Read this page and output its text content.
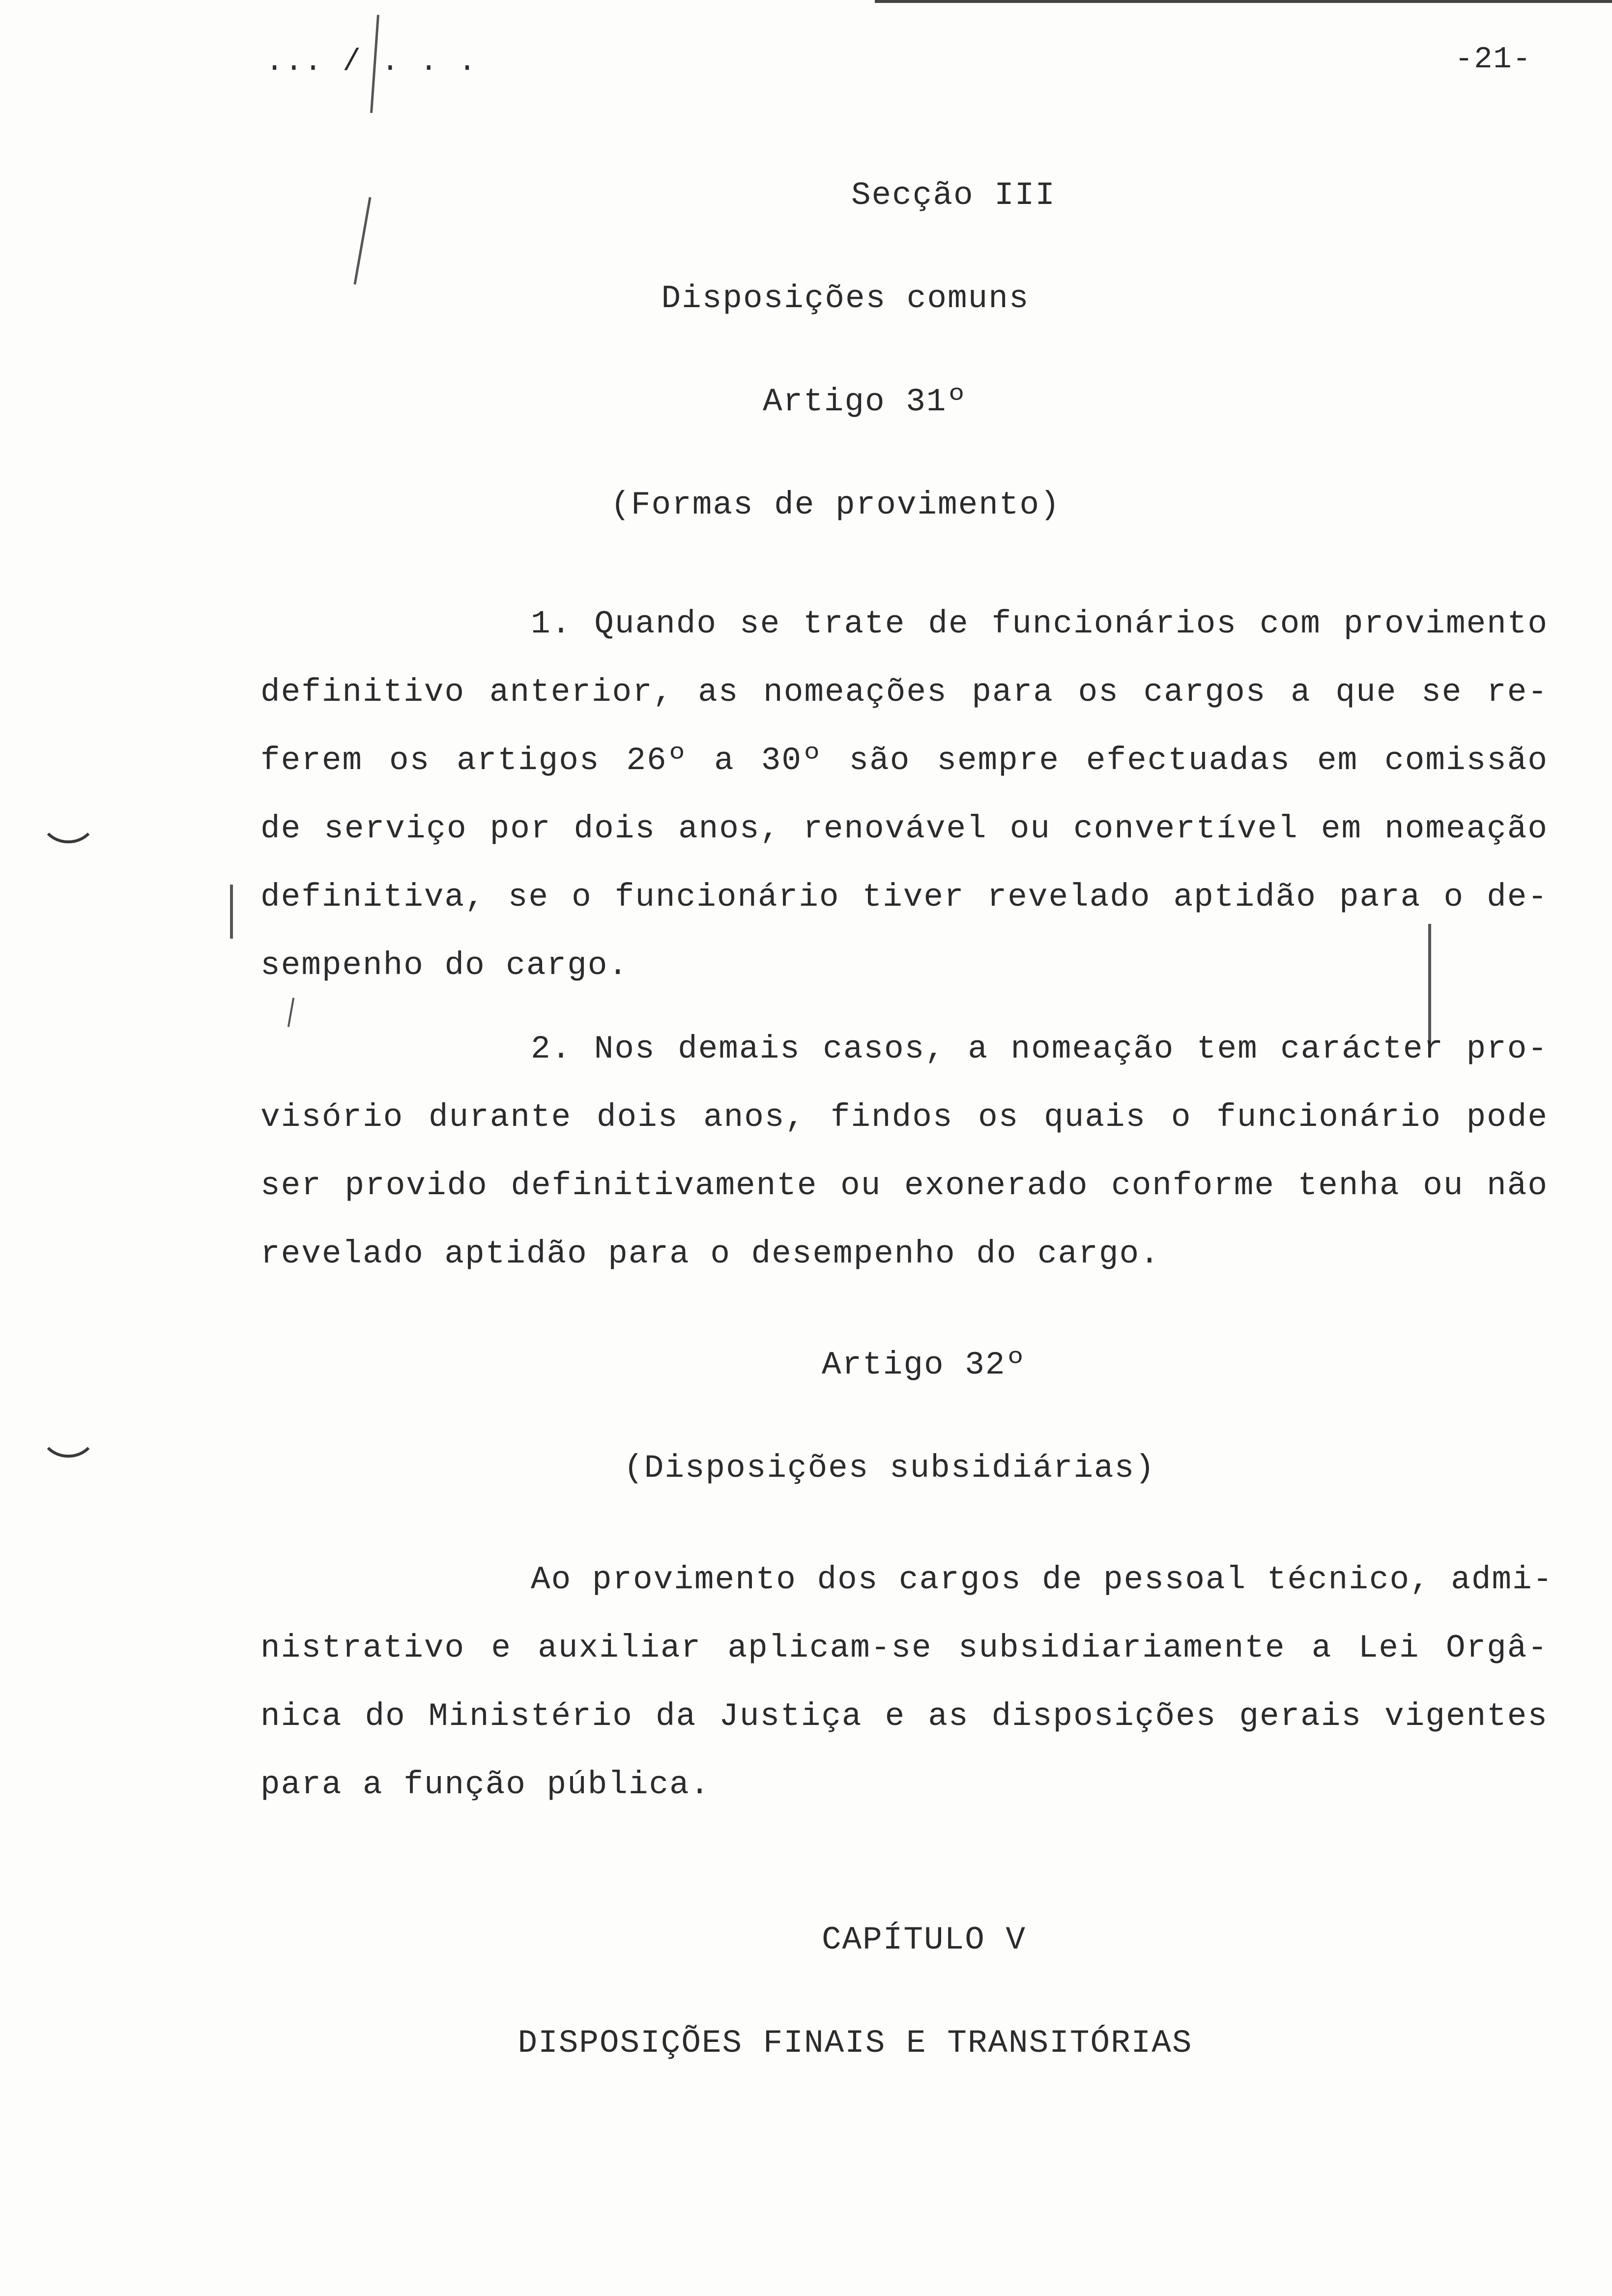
... / . . .	-21-
Secção III
Disposições comuns
Artigo 31º
(Formas de provimento)
1. Quando se trate de funcionários com provimento
definitivo anterior, as nomeações para os cargos a que se re-
ferem os artigos 26º a 30º são sempre efectuadas em comissão
de serviço por dois anos, renovável ou convertível em nomeação
definitiva, se o funcionário tiver revelado aptidão para o de-
sempenho do cargo.
2. Nos demais casos, a nomeação tem carácter pro-
visório durante dois anos, findos os quais o funcionário pode
ser provido definitivamente ou exonerado conforme tenha ou não
revelado aptidão para o desempenho do cargo.
Artigo 32º
(Disposições subsidiárias)
Ao provimento dos cargos de pessoal técnico, admi-
nistrativo e auxiliar aplicam-se subsidiariamente a Lei Orgâ-
nica do Ministério da Justiça e as disposições gerais vigentes
para a função pública.
CAPÍTULO V
DISPOSIÇÕES FINAIS E TRANSITÓRIAS
